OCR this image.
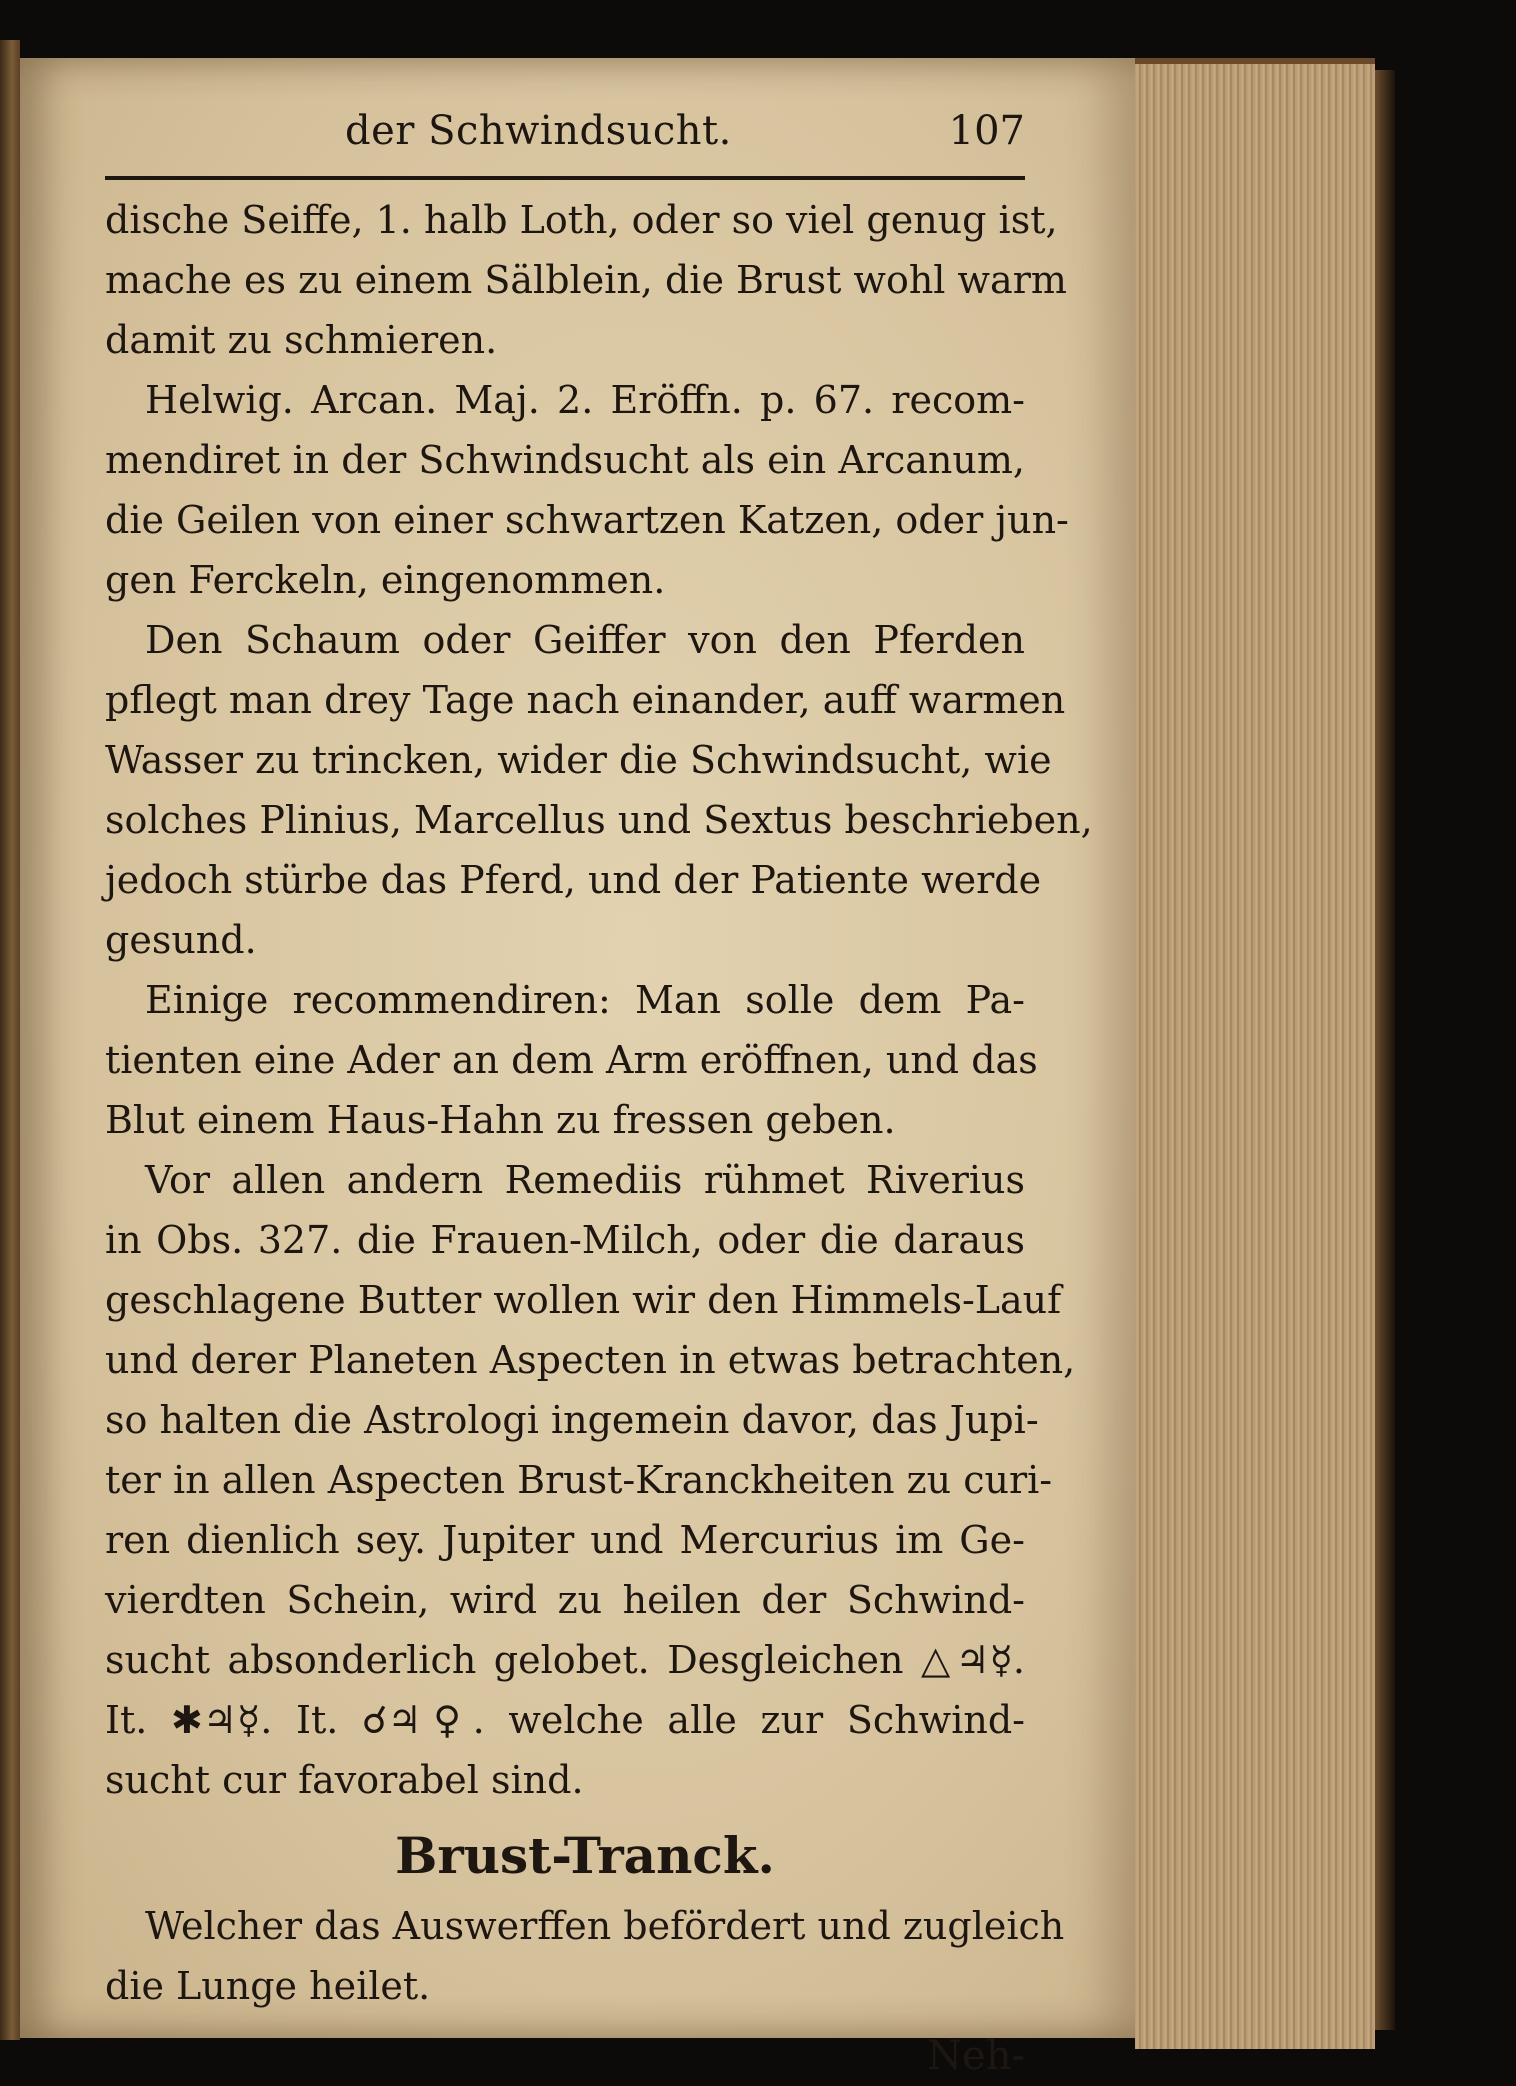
der Schwindsucht.	107
dische Seiffe, 1. halb Loth, oder so viel genug ist,
mache es zu einem Sälblein, die Brust wohl warm
damit zu schmieren.
Helwig. Arcan. Maj. 2. Eröffn. p. 67. recom-
mendiret in der Schwindsucht als ein Arcanum,
die Geilen von einer schwartzen Katzen, oder jun-
gen Ferckeln, eingenommen.
Den Schaum oder Geiffer von den Pferden
pflegt man drey Tage nach einander, auff warmen
Wasser zu trincken, wider die Schwindsucht, wie
solches Plinius, Marcellus und Sextus beschrieben,
jedoch stürbe das Pferd, und der Patiente werde
gesund.
Einige recommendiren: Man solle dem Pa-
tienten eine Ader an dem Arm eröffnen, und das
Blut einem Haus-Hahn zu fressen geben.
Vor allen andern Remediis rühmet Riverius
in Obs. 327. die Frauen-Milch, oder die daraus
geschlagene Butter wollen wir den Himmels-Lauf
und derer Planeten Aspecten in etwas betrachten,
so halten die Astrologi ingemein davor, das Jupi-
ter in allen Aspecten Brust-Kranckheiten zu curi-
ren dienlich sey. Jupiter und Mercurius im Ge-
vierdten Schein, wird zu heilen der Schwind-
sucht absonderlich gelobet. Desgleichen △♃☿.
It. ✱♃☿. It. ☌♃♀. welche alle zur Schwind-
sucht cur favorabel sind.
Brust-Tranck.
Welcher das Auswerffen befördert und zugleich
die Lunge heilet.
Neh-
